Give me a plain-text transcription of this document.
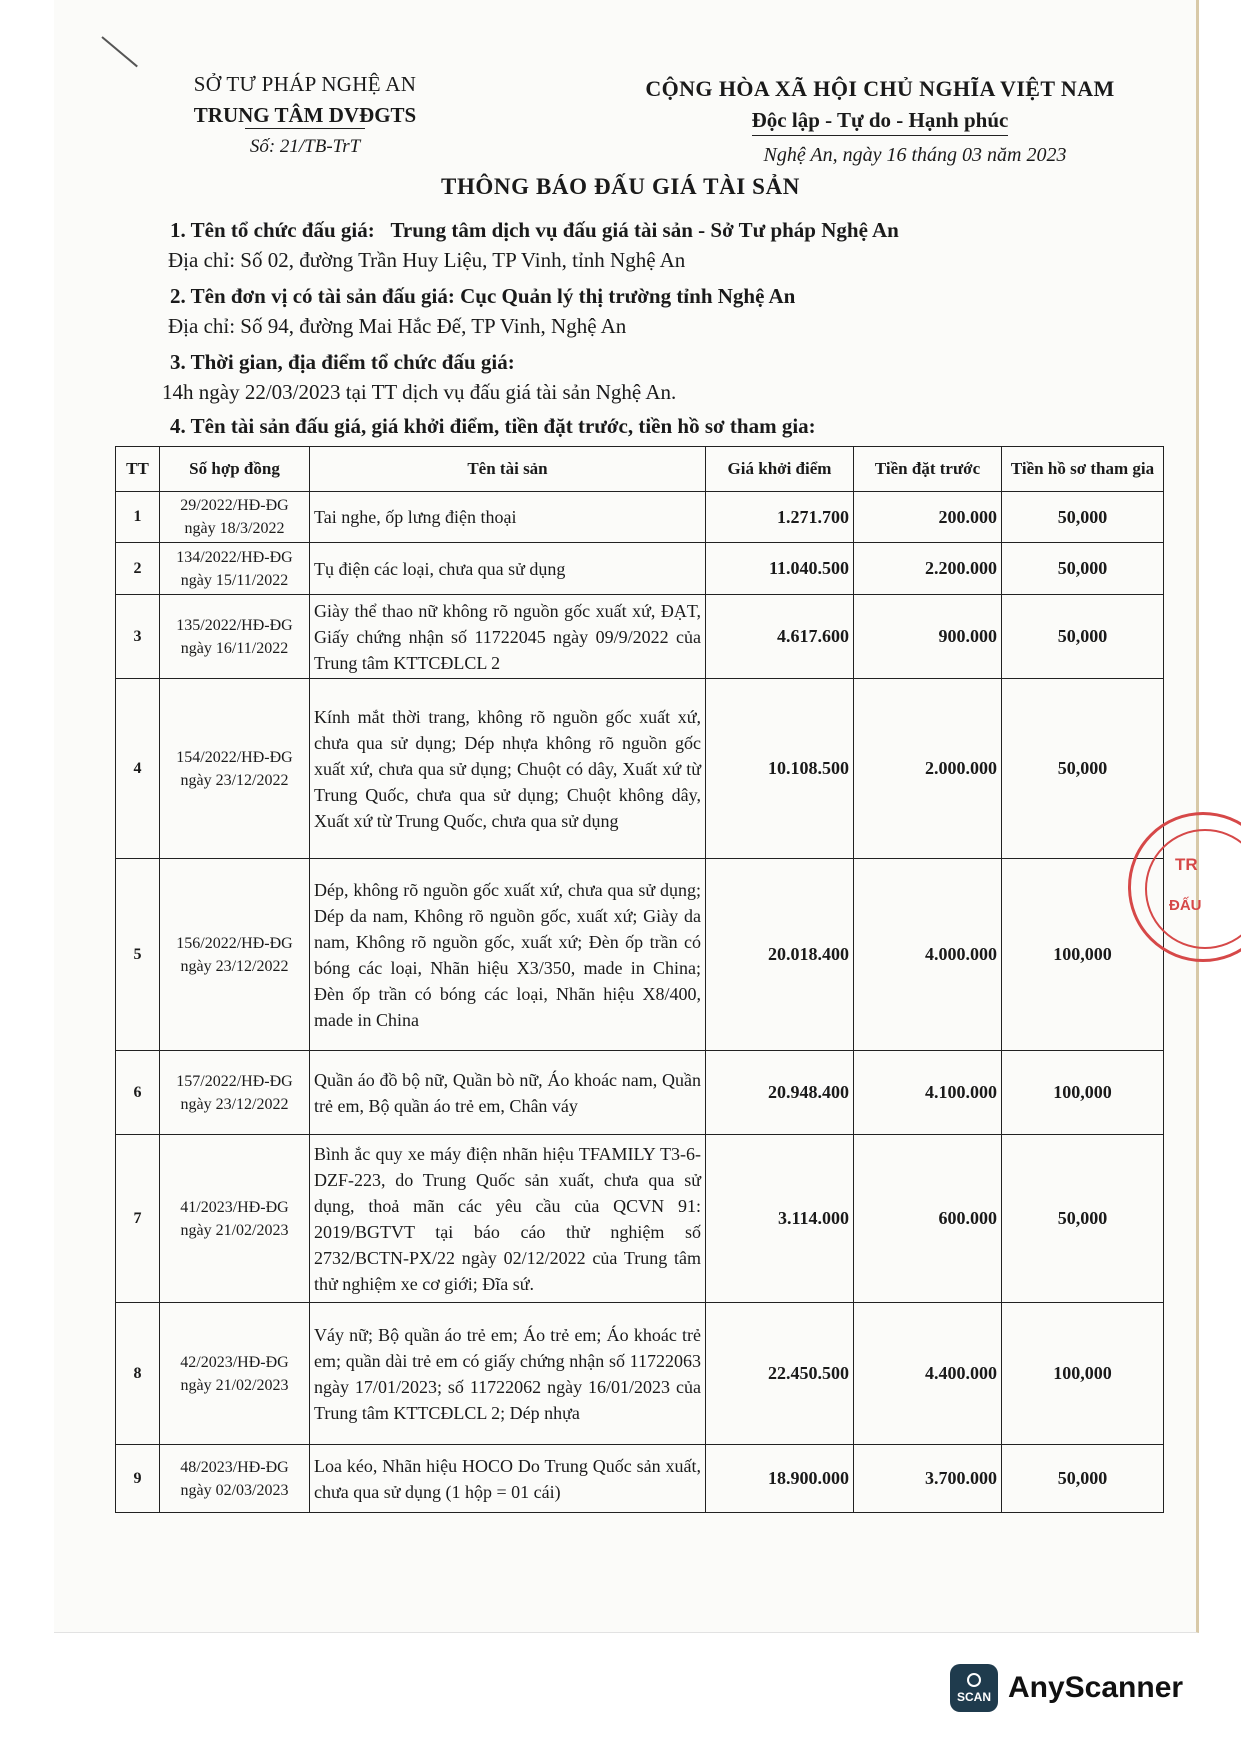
SỞ TƯ PHÁP NGHỆ AN
TRUNG TÂM DVĐGTS
Số: 21/TB-TrT
CỘNG HÒA XÃ HỘI CHỦ NGHĨA VIỆT NAM
Độc lập - Tự do - Hạnh phúc
Nghệ An, ngày 16 tháng 03 năm 2023
THÔNG BÁO ĐẤU GIÁ TÀI SẢN
1. Tên tổ chức đấu giá: Trung tâm dịch vụ đấu giá tài sản - Sở Tư pháp Nghệ An
Địa chỉ: Số 02, đường Trần Huy Liệu, TP Vinh, tỉnh Nghệ An
2. Tên đơn vị có tài sản đấu giá: Cục Quản lý thị trường tỉnh Nghệ An
Địa chỉ: Số 94, đường Mai Hắc Đế, TP Vinh, Nghệ An
3. Thời gian, địa điểm tổ chức đấu giá:
14h ngày 22/03/2023 tại TT dịch vụ đấu giá tài sản Nghệ An.
4. Tên tài sản đấu giá, giá khởi điểm, tiền đặt trước, tiền hồ sơ tham gia:
TT	Số hợp đồng	Tên tài sản	Giá khởi điểm	Tiền đặt trước	Tiền hồ sơ tham gia
1	29/2022/HĐ-ĐG
ngày 18/3/2022	Tai nghe, ốp lưng điện thoại	1.271.700	200.000	50,000
2	134/2022/HĐ-ĐG
ngày 15/11/2022	Tụ điện các loại, chưa qua sử dụng	11.040.500	2.200.000	50,000
3	135/2022/HĐ-ĐG
ngày 16/11/2022	Giày thể thao nữ không rõ nguồn gốc xuất xứ, ĐẠT, Giấy chứng nhận số 11722045 ngày 09/9/2022 của Trung tâm KTTCĐLCL 2	4.617.600	900.000	50,000
4	154/2022/HĐ-ĐG
ngày 23/12/2022	Kính mắt thời trang, không rõ nguồn gốc xuất xứ, chưa qua sử dụng; Dép nhựa không rõ nguồn gốc xuất xứ, chưa qua sử dụng; Chuột có dây, Xuất xứ từ Trung Quốc, chưa qua sử dụng; Chuột không dây, Xuất xứ từ Trung Quốc, chưa qua sử dụng	10.108.500	2.000.000	50,000
5	156/2022/HĐ-ĐG
ngày 23/12/2022	Dép, không rõ nguồn gốc xuất xứ, chưa qua sử dụng; Dép da nam, Không rõ nguồn gốc, xuất xứ; Giày da nam, Không rõ nguồn gốc, xuất xứ; Đèn ốp trần có bóng các loại, Nhãn hiệu X3/350, made in China; Đèn ốp trần có bóng các loại, Nhãn hiệu X8/400, made in China	20.018.400	4.000.000	100,000
6	157/2022/HĐ-ĐG
ngày 23/12/2022	Quần áo đồ bộ nữ, Quần bò nữ, Áo khoác nam, Quần trẻ em, Bộ quần áo trẻ em, Chân váy	20.948.400	4.100.000	100,000
7	41/2023/HĐ-ĐG
ngày 21/02/2023	Bình ắc quy xe máy điện nhãn hiệu TFAMILY T3-6-DZF-223, do Trung Quốc sản xuất, chưa qua sử dụng, thoả mãn các yêu cầu của QCVN 91: 2019/BGTVT tại báo cáo thử nghiệm số 2732/BCTN-PX/22 ngày 02/12/2022 của Trung tâm thử nghiệm xe cơ giới; Đĩa sứ.	3.114.000	600.000	50,000
8	42/2023/HĐ-ĐG
ngày 21/02/2023	Váy nữ; Bộ quần áo trẻ em; Áo trẻ em; Áo khoác trẻ em; quần dài trẻ em có giấy chứng nhận số 11722063 ngày 17/01/2023; số 11722062 ngày 16/01/2023 của Trung tâm KTTCĐLCL 2; Dép nhựa	22.450.500	4.400.000	100,000
9	48/2023/HĐ-ĐG
ngày 02/03/2023	Loa kéo, Nhãn hiệu HOCO Do Trung Quốc sản xuất, chưa qua sử dụng (1 hộp = 01 cái)	18.900.000	3.700.000	50,000
TR
ĐẤU
SCAN AnyScanner
